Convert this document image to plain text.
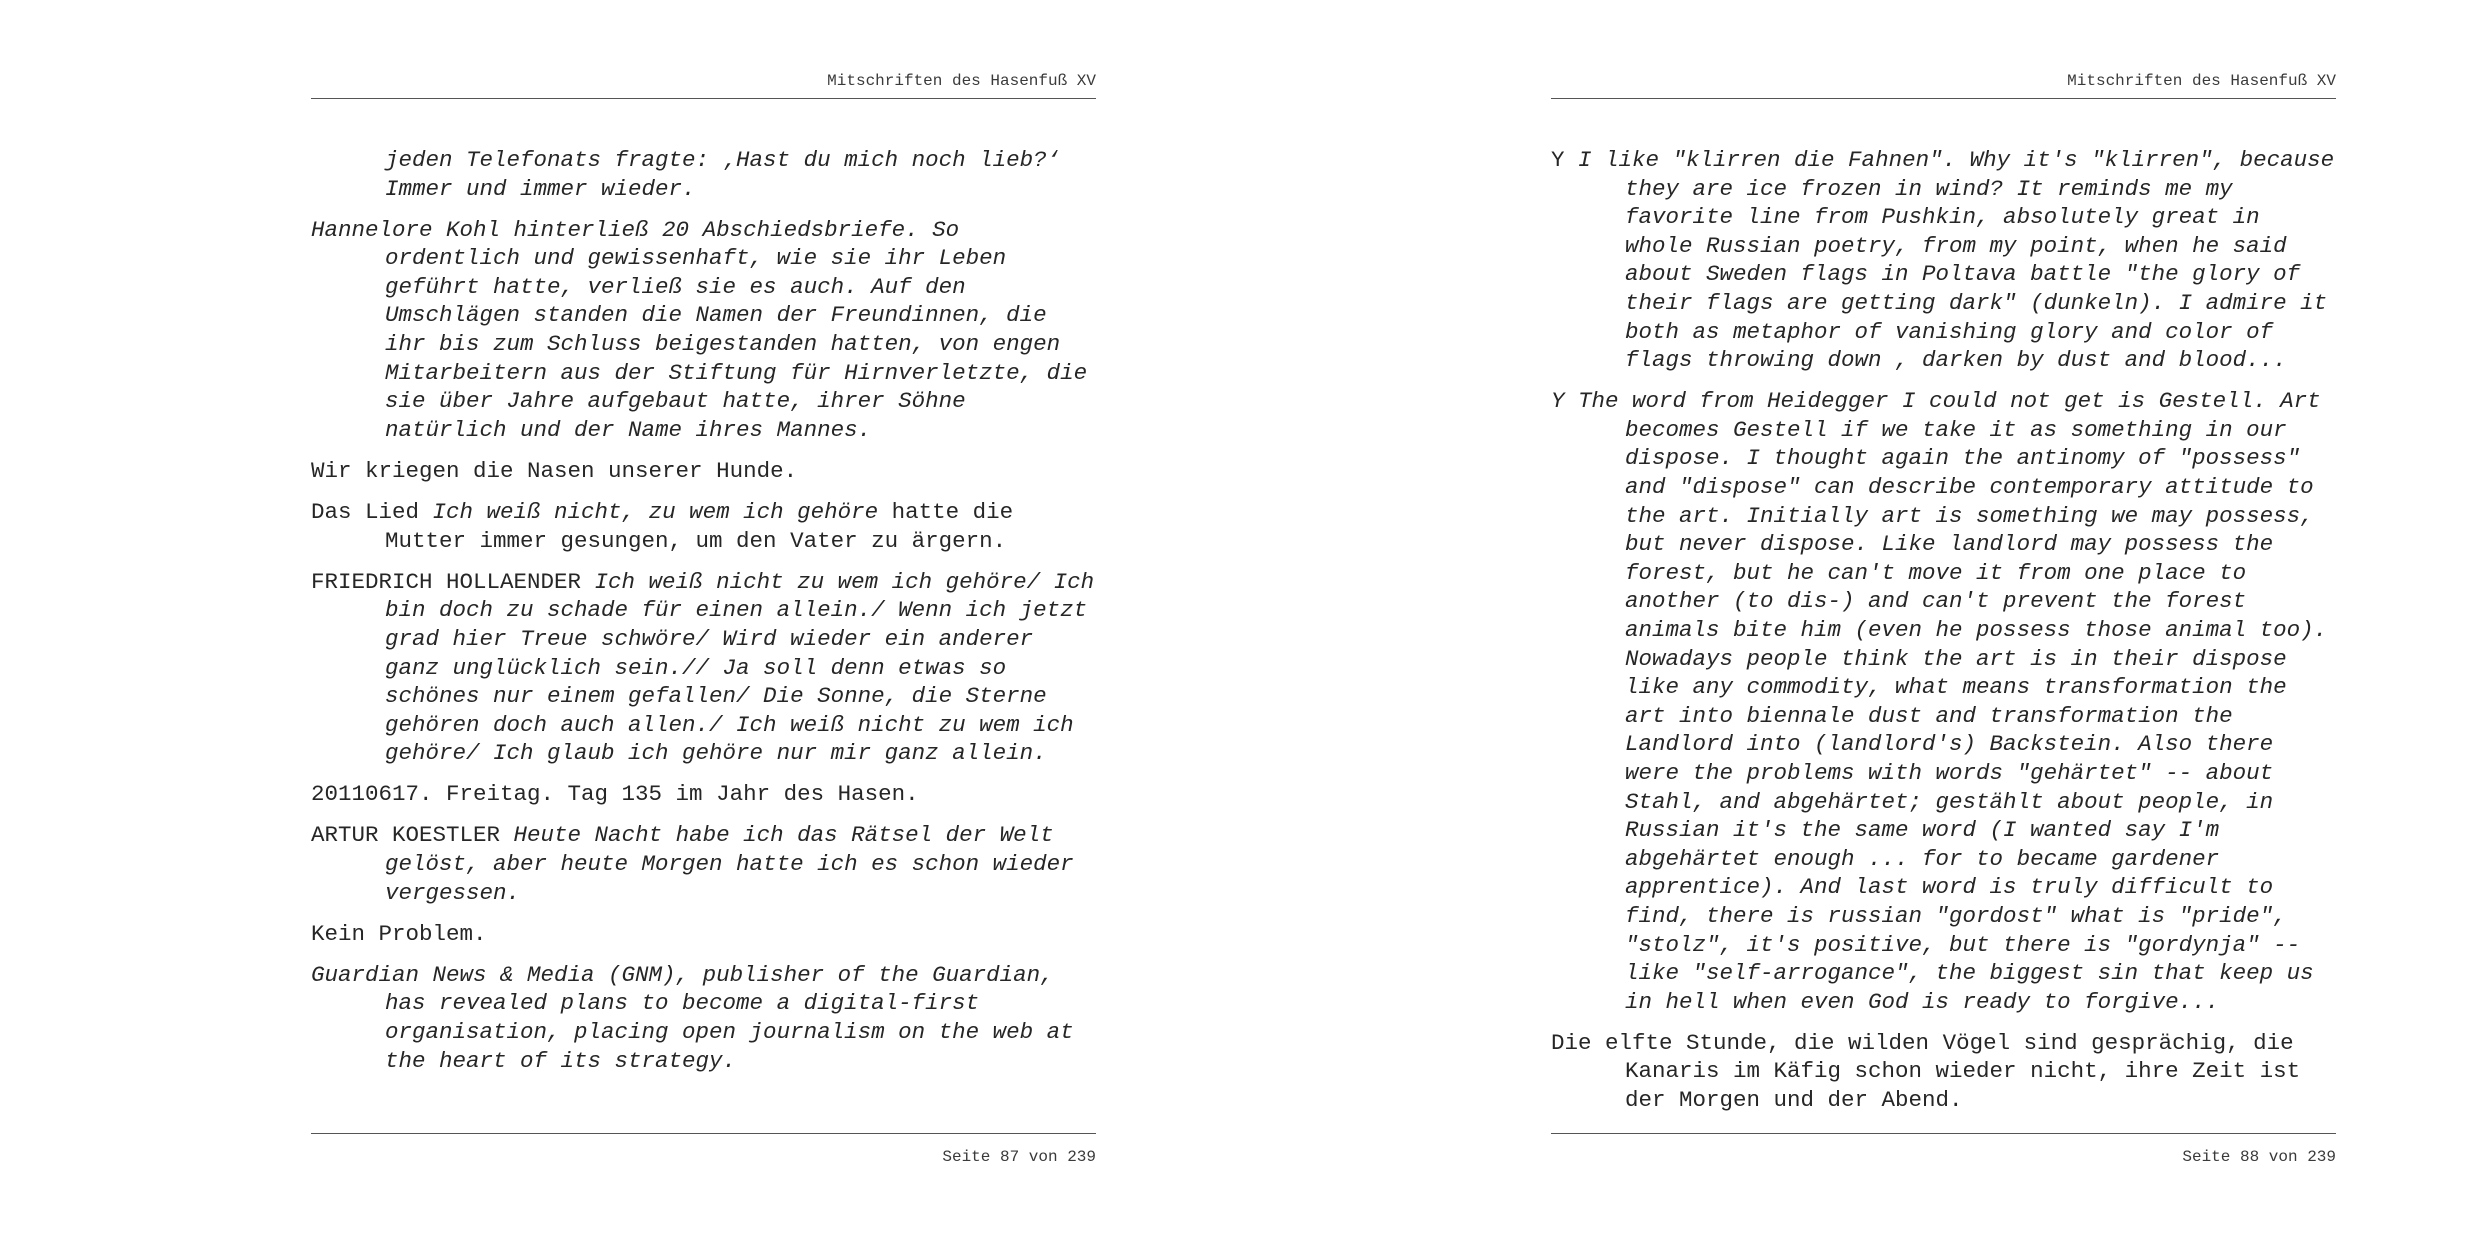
Mitschriften des Hasenfuß XV

jeden Telefonats fragte: ‚Hast du mich noch lieb?‘ Immer und immer wieder.

Hannelore Kohl hinterließ 20 Abschiedsbriefe. So ordentlich und gewissenhaft, wie sie ihr Leben geführt hatte, verließ sie es auch. Auf den Umschlägen standen die Namen der Freundinnen, die ihr bis zum Schluss beigestanden hatten, von engen Mitarbeitern aus der Stiftung für Hirnverletzte, die sie über Jahre aufgebaut hatte, ihrer Söhne natürlich und der Name ihres Mannes.

Wir kriegen die Nasen unserer Hunde.

Das Lied Ich weiß nicht, zu wem ich gehöre hatte die Mutter immer gesungen, um den Vater zu ärgern.

FRIEDRICH HOLLAENDER Ich weiß nicht zu wem ich gehöre/ Ich bin doch zu schade für einen allein./ Wenn ich jetzt grad hier Treue schwöre/ Wird wieder ein anderer ganz unglücklich sein.// Ja soll denn etwas so schönes nur einem gefallen/ Die Sonne, die Sterne gehören doch auch allen./ Ich weiß nicht zu wem ich gehöre/ Ich glaub ich gehöre nur mir ganz allein.

20110617. Freitag. Tag 135 im Jahr des Hasen.

ARTUR KOESTLER Heute Nacht habe ich das Rätsel der Welt gelöst, aber heute Morgen hatte ich es schon wieder vergessen.

Kein Problem.

Guardian News & Media (GNM), publisher of the Guardian, has revealed plans to become a digital-first organisation, placing open journalism on the web at the heart of its strategy.

Seite 87 von 239
Mitschriften des Hasenfuß XV

Y I like "klirren die Fahnen". Why it's "klirren", because they are ice frozen in wind? It reminds me my favorite line from Pushkin, absolutely great in whole Russian poetry, from my point, when he said about Sweden flags in Poltava battle "the glory of their flags are getting dark" (dunkeln). I admire it both as metaphor of vanishing glory and color of flags throwing down , darken by dust and blood...

Y The word from Heidegger I could not get is Gestell. Art becomes Gestell if we take it as something in our dispose. I thought again the antinomy of "possess" and "dispose" can describe contemporary attitude to the art. Initially art is something we may possess, but never dispose. Like landlord may possess the forest, but he can't move it from one place to another (to dis-) and can't prevent the forest animals bite him (even he possess those animal too). Nowadays people think the art is in their dispose like any commodity, what means transformation the art into biennale dust and transformation the Landlord into (landlord's) Backstein. Also there were the problems with words "gehärtet" -- about Stahl, and abgehärtet; gestählt about people, in Russian it's the same word (I wanted say I'm abgehärtet enough ... for to became gardener apprentice). And last word is truly difficult to find, there is russian "gordost" what is "pride", "stolz", it's positive, but there is "gordynja" -- like "self-arrogance", the biggest sin that keep us in hell when even God is ready to forgive...

Die elfte Stunde, die wilden Vögel sind gesprächig, die Kanaris im Käfig schon wieder nicht, ihre Zeit ist der Morgen und der Abend.

Seite 88 von 239
